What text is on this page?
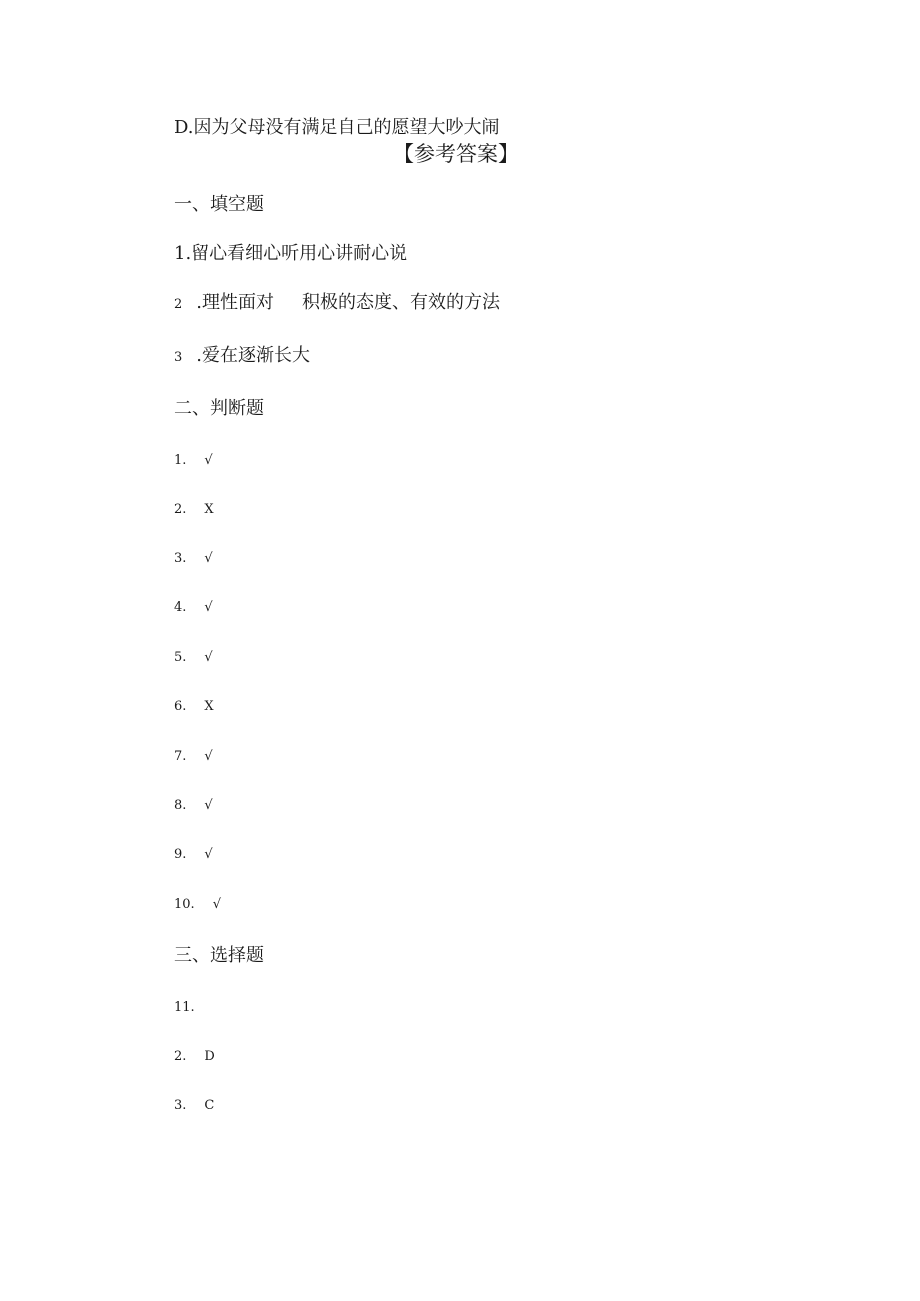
D.因为父母没有满足自己的愿望大吵大闹
【参考答案】
一、填空题
1.留心看细心听用心讲耐心说
2 .理性面对 积极的态度、有效的方法
3 .爱在逐渐长大
二、判断题
1. √
2. X
3. √
4. √
5. √
6. X
7. √
8. √
9. √
10. √
三、选择题
11.
2. D
3. C
